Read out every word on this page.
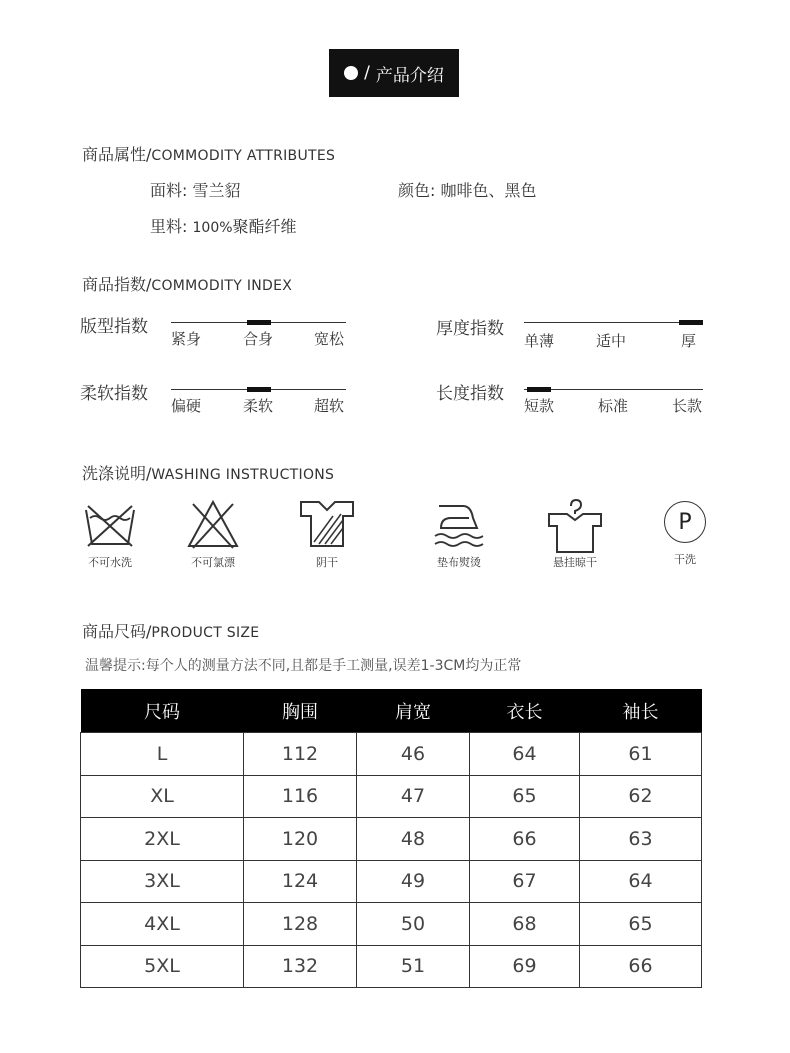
/ 产品介绍
商品属性/COMMODITY ATTRIBUTES
面料: 雪兰貂	颜色: 咖啡色、黑色
里料: 100%聚酯纤维
商品指数/COMMODITY INDEX
版型指数
紧身	合身	宽松	厚度指数
单薄	适中	厚
柔软指数
偏硬	柔软	超软
长度指数
短款	标准	长款
洗涤说明/WASHING INSTRUCTIONS
不可水洗	不可氯漂	阴干	垫布熨烫	悬挂晾干
P
干洗
商品尺码/PRODUCT SIZE
温馨提示:每个人的测量方法不同,且都是手工测量,误差1-3CM均为正常
尺码	胸围	肩宽	衣长	袖长
L	112	46	64	61
XL	116	47	65	62
2XL	120	48	66	63
3XL	124	49	67	64
4XL	128	50	68	65
5XL	132	51	69	66
